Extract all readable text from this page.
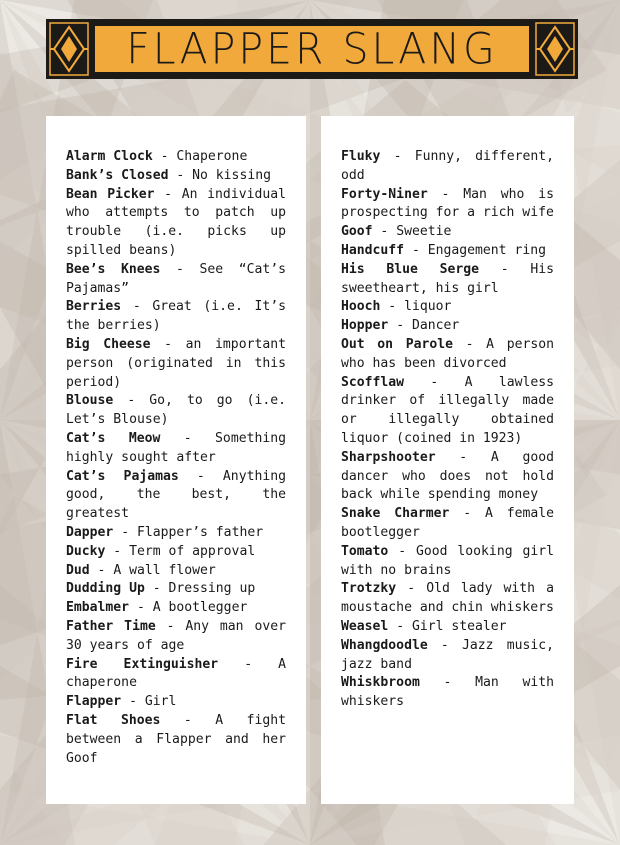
FLAPPER SLANG

Alarm Clock - Chaperone

Bank’s Closed - No kissing

Bean Picker - An individual who attempts to patch up trouble (i.e. picks up spilled beans)

Bee’s Knees - See “Cat’s Pajamas”

Berries - Great (i.e. It’s the berries)

Big Cheese - an important person (originated in this period)

Blouse - Go, to go (i.e. Let’s Blouse)

Cat’s Meow - Something highly sought after

Cat’s Pajamas - Anything good, the best, the greatest

Dapper - Flapper’s father

Ducky - Term of approval

Dud - A wall flower

Dudding Up - Dressing up

Embalmer - A bootlegger

Father Time - Any man over 30 years of age

Fire Extinguisher - A chaperone

Flapper - Girl

Flat Shoes - A fight between a Flapper and her Goof

Fluky - Funny, different, odd

Forty-Niner - Man who is prospecting for a rich wife

Goof - Sweetie

Handcuff - Engagement ring

His Blue Serge - His sweetheart, his girl

Hooch - liquor

Hopper - Dancer

Out on Parole - A person who has been divorced

Scofflaw - A lawless drinker of illegally made or illegally obtained liquor (coined in 1923)

Sharpshooter - A good dancer who does not hold back while spending money

Snake Charmer - A female bootlegger

Tomato - Good looking girl with no brains

Trotzky - Old lady with a moustache and chin whiskers

Weasel - Girl stealer

Whangdoodle - Jazz music, jazz band

Whiskbroom - Man with whiskers
